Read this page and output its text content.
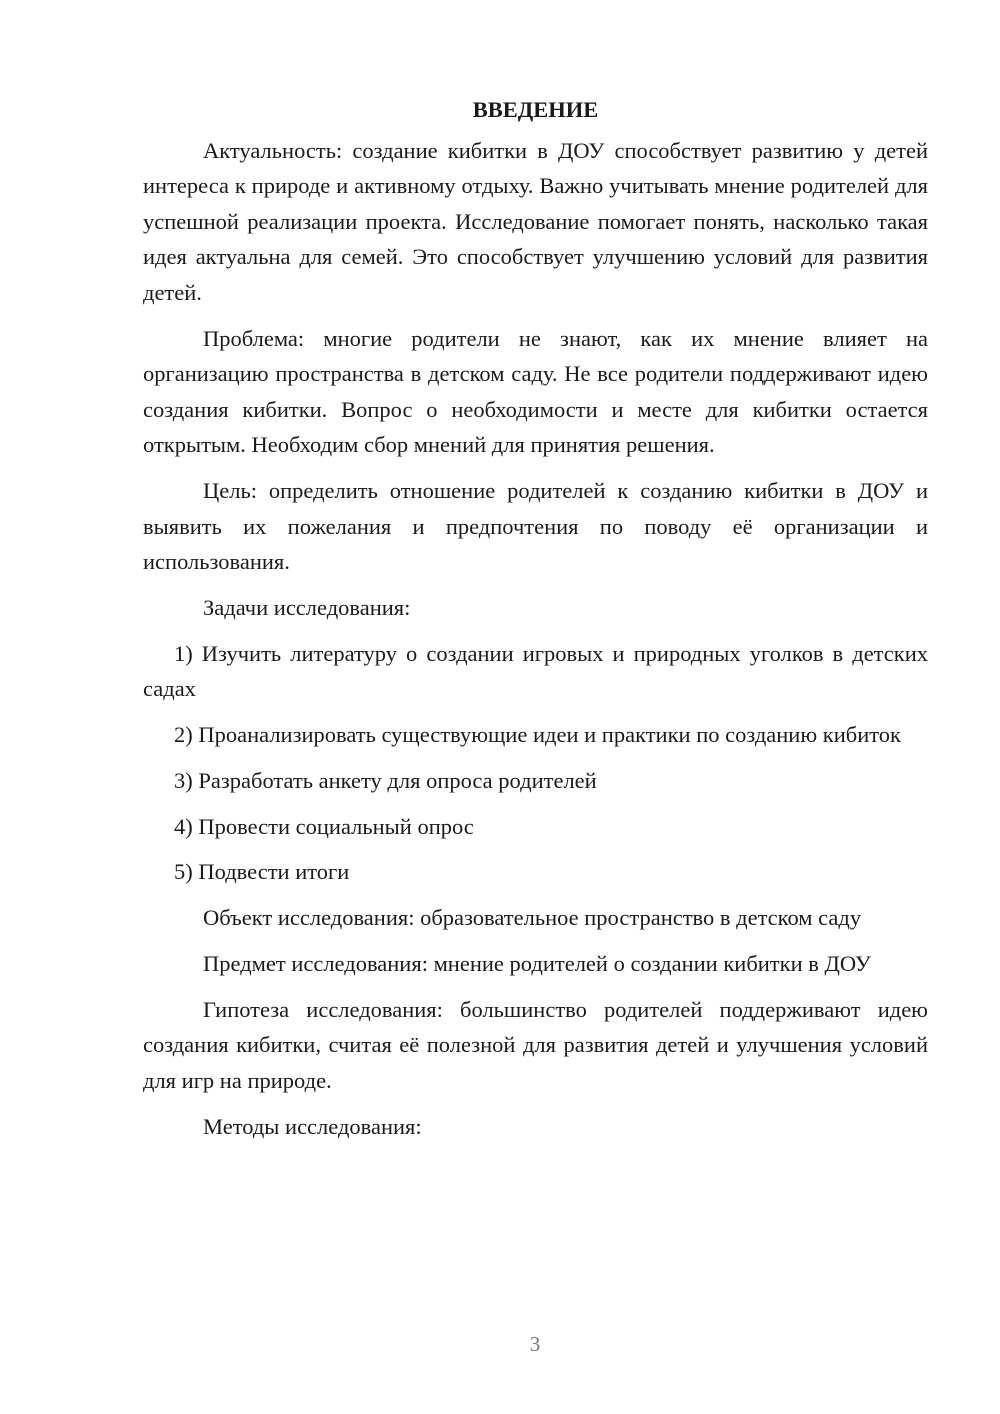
ВВЕДЕНИЕ

Актуальность: создание кибитки в ДОУ способствует развитию у детей интереса к природе и активному отдыху. Важно учитывать мнение родителей для успешной реализации проекта. Исследование помогает понять, насколько такая идея актуальна для семей. Это способствует улучшению условий для развития детей.

Проблема: многие родители не знают, как их мнение влияет на организацию пространства в детском саду. Не все родители поддерживают идею создания кибитки. Вопрос о необходимости и месте для кибитки остается открытым. Необходим сбор мнений для принятия решения.

Цель: определить отношение родителей к созданию кибитки в ДОУ и выявить их пожелания и предпочтения по поводу её организации и использования.

Задачи исследования:

1) Изучить литературу о создании игровых и природных уголков в детских садах

2) Проанализировать существующие идеи и практики по созданию кибиток

3) Разработать анкету для опроса родителей

4) Провести социальный опрос

5) Подвести итоги

Объект исследования: образовательное пространство в детском саду

Предмет исследования: мнение родителей о создании кибитки в ДОУ

Гипотеза исследования: большинство родителей поддерживают идею создания кибитки, считая её полезной для развития детей и улучшения условий для игр на природе.

Методы исследования:

3
